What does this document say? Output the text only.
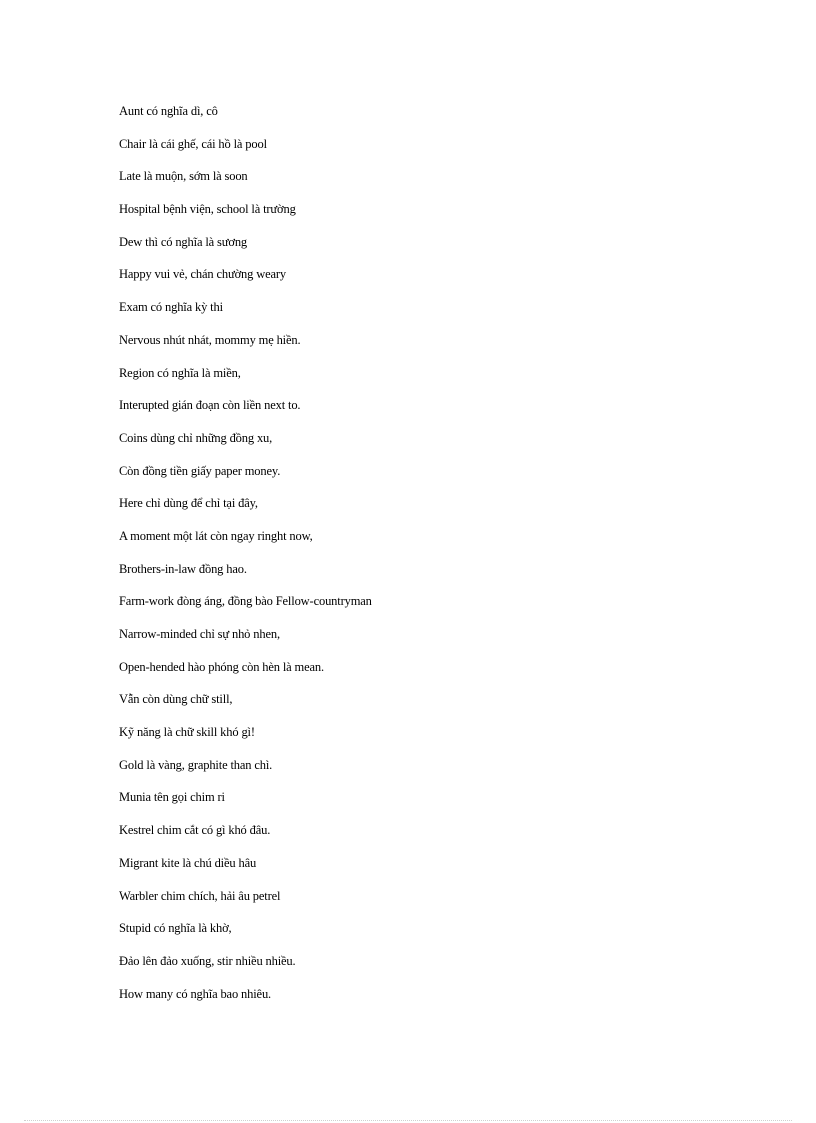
Aunt có nghĩa dì, cô
Chair là cái ghế, cái hồ là pool
Late là muộn, sớm là soon
Hospital bệnh viện, school là trường
Dew thì có nghĩa là sương
Happy vui vẻ, chán chường weary
Exam có nghĩa kỳ thi
Nervous nhút nhát, mommy mẹ hiền.
Region có nghĩa là miền,
Interupted gián đoạn còn liền next to.
Coins dùng chỉ những đồng xu,
Còn đồng tiền giấy paper money.
Here chỉ dùng để chỉ tại đây,
A moment một lát còn ngay ringht now,
Brothers-in-law đồng hao.
Farm-work đòng áng, đồng bào Fellow-countryman
Narrow-minded chỉ sự nhỏ nhen,
Open-hended hào phóng còn hèn là mean.
Vẫn còn dùng chữ still,
Kỹ năng là chữ skill khó gì!
Gold là vàng, graphite than chì.
Munia tên gọi chim ri
Kestrel chim cắt có gì khó đâu.
Migrant kite là chú diều hâu
Warbler chim chích, hải âu petrel
Stupid có nghĩa là khờ,
Đảo lên đảo xuống, stir nhiều nhiều.
How many có nghĩa bao nhiêu.
